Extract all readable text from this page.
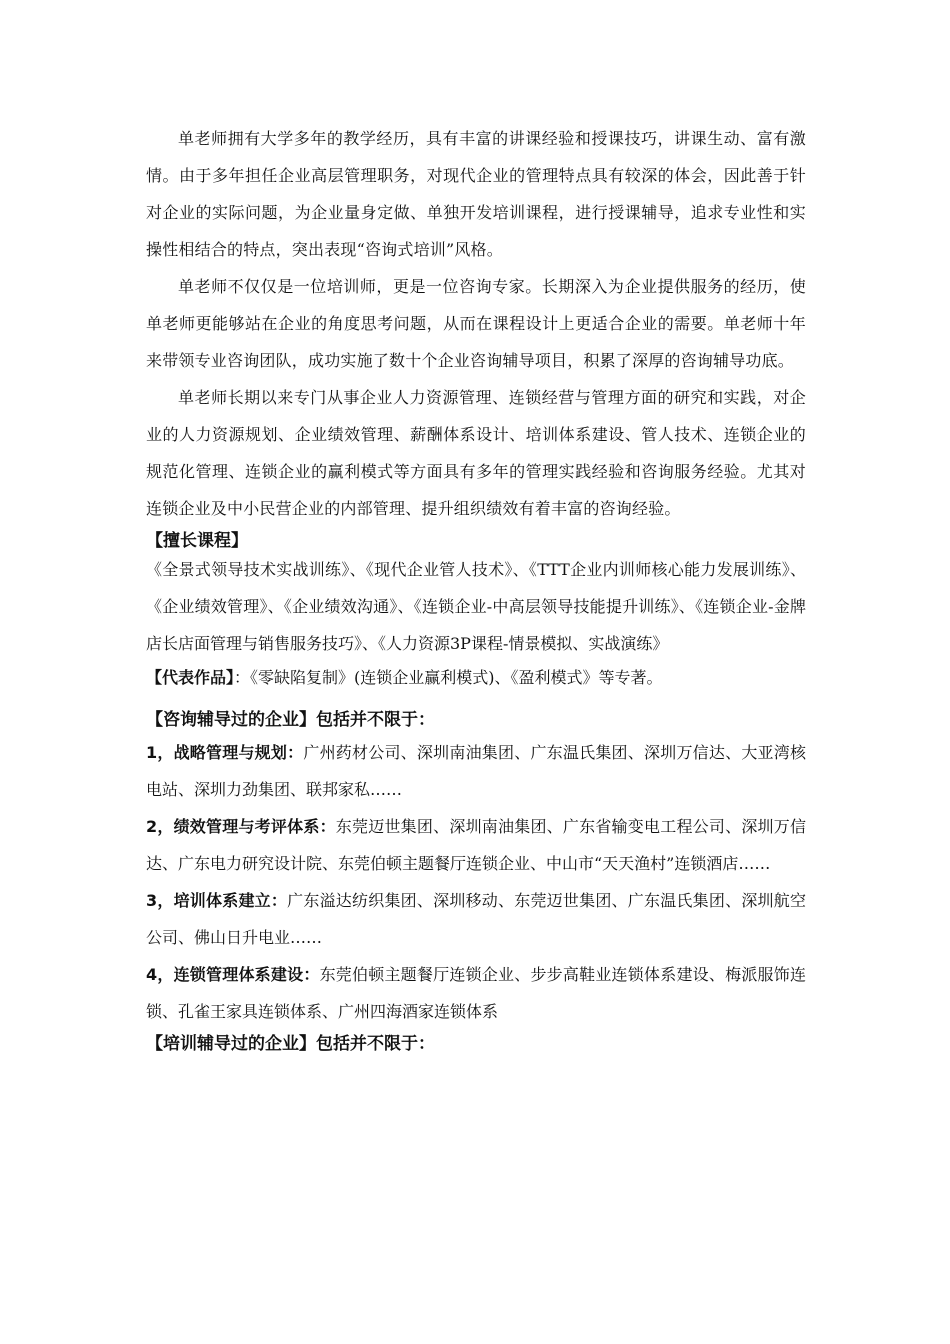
单老师拥有大学多年的教学经历，具有丰富的讲课经验和授课技巧，讲课生动、富有激情。由于多年担任企业高层管理职务，对现代企业的管理特点具有较深的体会，因此善于针对企业的实际问题，为企业量身定做、单独开发培训课程，进行授课辅导，追求专业性和实操性相结合的特点，突出表现“咨询式培训”风格。

单老师不仅仅是一位培训师，更是一位咨询专家。长期深入为企业提供服务的经历，使单老师更能够站在企业的角度思考问题，从而在课程设计上更适合企业的需要。单老师十年来带领专业咨询团队，成功实施了数十个企业咨询辅导项目，积累了深厚的咨询辅导功底。

单老师长期以来专门从事企业人力资源管理、连锁经营与管理方面的研究和实践，对企业的人力资源规划、企业绩效管理、薪酬体系设计、培训体系建设、管人技术、连锁企业的规范化管理、连锁企业的赢利模式等方面具有多年的管理实践经验和咨询服务经验。尤其对连锁企业及中小民营企业的内部管理、提升组织绩效有着丰富的咨询经验。

【擅长课程】

《全景式领导技术实战训练》、《现代企业管人技术》、《TTT企业内训师核心能力发展训练》、《企业绩效管理》、《企业绩效沟通》、《连锁企业-中高层领导技能提升训练》、《连锁企业-金牌店长店面管理与销售服务技巧》、《人力资源3P课程-情景模拟、实战演练》

【代表作品】：《零缺陷复制》(连锁企业赢利模式)、《盈利模式》等专著。

【咨询辅导过的企业】包括并不限于：

1，战略管理与规划：广州药材公司、深圳南油集团、广东温氏集团、深圳万信达、大亚湾核电站、深圳力劲集团、联邦家私……

2，绩效管理与考评体系：东莞迈世集团、深圳南油集团、广东省输变电工程公司、深圳万信达、广东电力研究设计院、东莞伯顿主题餐厅连锁企业、中山市“天天渔村”连锁酒店……

3，培训体系建立：广东溢达纺织集团、深圳移动、东莞迈世集团、广东温氏集团、深圳航空公司、佛山日升电业……

4，连锁管理体系建设：东莞伯顿主题餐厅连锁企业、步步高鞋业连锁体系建设、梅派服饰连锁、孔雀王家具连锁体系、广州四海酒家连锁体系

【培训辅导过的企业】包括并不限于：
